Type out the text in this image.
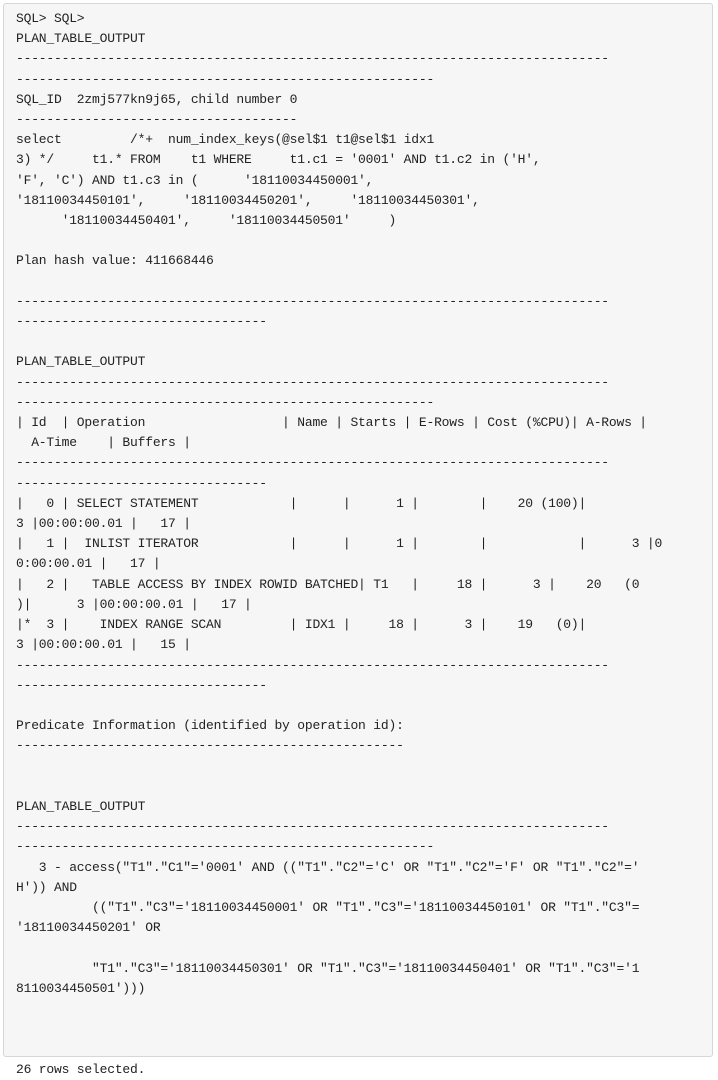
SQL> SQL>
PLAN_TABLE_OUTPUT
------------------------------------------------------------------------------
-------------------------------------------------------
SQL_ID  2zmj577kn9j65, child number 0
-------------------------------------
select         /*+  num_index_keys(@sel$1 t1@sel$1 idx1
3) */     t1.* FROM    t1 WHERE     t1.c1 = '0001' AND t1.c2 in ('H',
'F', 'C') AND t1.c3 in (      '18110034450001',
'18110034450101',     '18110034450201',     '18110034450301',
'18110034450401',     '18110034450501'     )

Plan hash value: 411668446

------------------------------------------------------------------------------
---------------------------------

PLAN_TABLE_OUTPUT
------------------------------------------------------------------------------
-------------------------------------------------------
| Id  | Operation                  | Name | Starts | E-Rows | Cost (%CPU)| A-Rows |
A-Time    | Buffers |
------------------------------------------------------------------------------
---------------------------------
|   0 | SELECT STATEMENT            |      |      1 |        |    20 (100)|
3 |00:00:00.01 |   17 |
|   1 |  INLIST ITERATOR            |      |      1 |        |            |      3 |0
0:00:00.01 |   17 |
|   2 |   TABLE ACCESS BY INDEX ROWID BATCHED| T1   |     18 |      3 |    20   (0
)|      3 |00:00:00.01 |   17 |
|*  3 |    INDEX RANGE SCAN         | IDX1 |     18 |      3 |    19   (0)|
3 |00:00:00.01 |   15 |
------------------------------------------------------------------------------
---------------------------------

Predicate Information (identified by operation id):
---------------------------------------------------

PLAN_TABLE_OUTPUT
------------------------------------------------------------------------------
-------------------------------------------------------
3 - access("T1"."C1"='0001' AND (("T1"."C2"='C' OR "T1"."C2"='F' OR "T1"."C2"='
H')) AND
(("T1"."C3"='18110034450001' OR "T1"."C3"='18110034450101' OR "T1"."C3"=
'18110034450201' OR

"T1"."C3"='18110034450301' OR "T1"."C3"='18110034450401' OR "T1"."C3"='1
8110034450501')))

26 rows selected.
